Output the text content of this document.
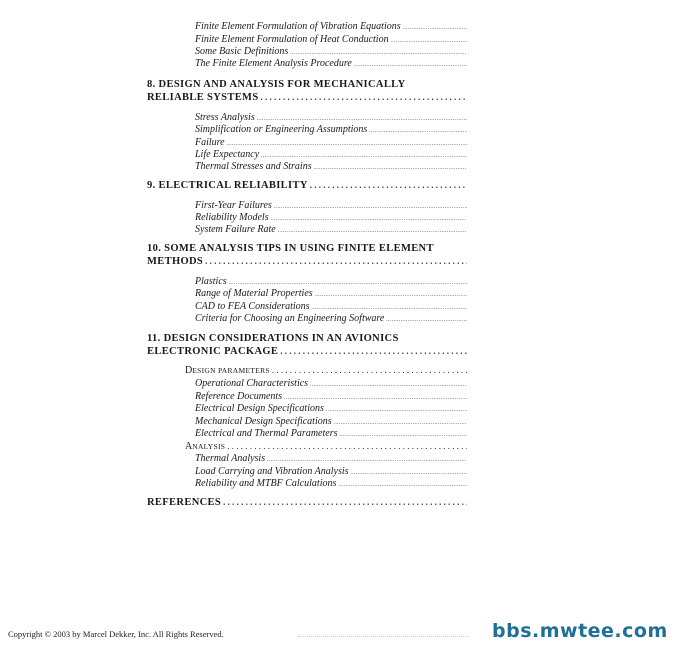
Finite Element Formulation of Vibration Equations
. . .
Finite Element Formulation of Heat Conduction
. . .
Some Basic Definitions
. . .
The Finite Element Analysis Procedure
. . .
8. DESIGN AND ANALYSIS FOR MECHANICALLY
RELIABLE SYSTEMS
. . .
Stress Analysis
. . .
Simplification or Engineering Assumptions
. . .
Failure
. . .
Life Expectancy
. . .
Thermal Stresses and Strains
. . .
9. ELECTRICAL RELIABILITY
. . .
First-Year Failures
. . .
Reliability Models
. . .
System Failure Rate
. . .
10. SOME ANALYSIS TIPS IN USING FINITE ELEMENT
METHODS
. . .
Plastics
. . .
Range of Material Properties
. . .
CAD to FEA Considerations
. . .
Criteria for Choosing an Engineering Software
. . .
11. DESIGN CONSIDERATIONS IN AN AVIONICS
ELECTRONIC PACKAGE
. . .
DESIGN PARAMETERS
. . .
Operational Characteristics
. . .
Reference Documents
. . .
Electrical Design Specifications
. . .
Mechanical Design Specifications
. . .
Electrical and Thermal Parameters
. . .
ANALYSIS
. . .
Thermal Analysis
. . .
Load Carrying and Vibration Analysis
. . .
Reliability and MTBF Calculations
. . .
REFERENCES
. . .
Copyright © 2003 by Marcel Dekker, Inc. All Rights Reserved.	bbs.mwtee.com
